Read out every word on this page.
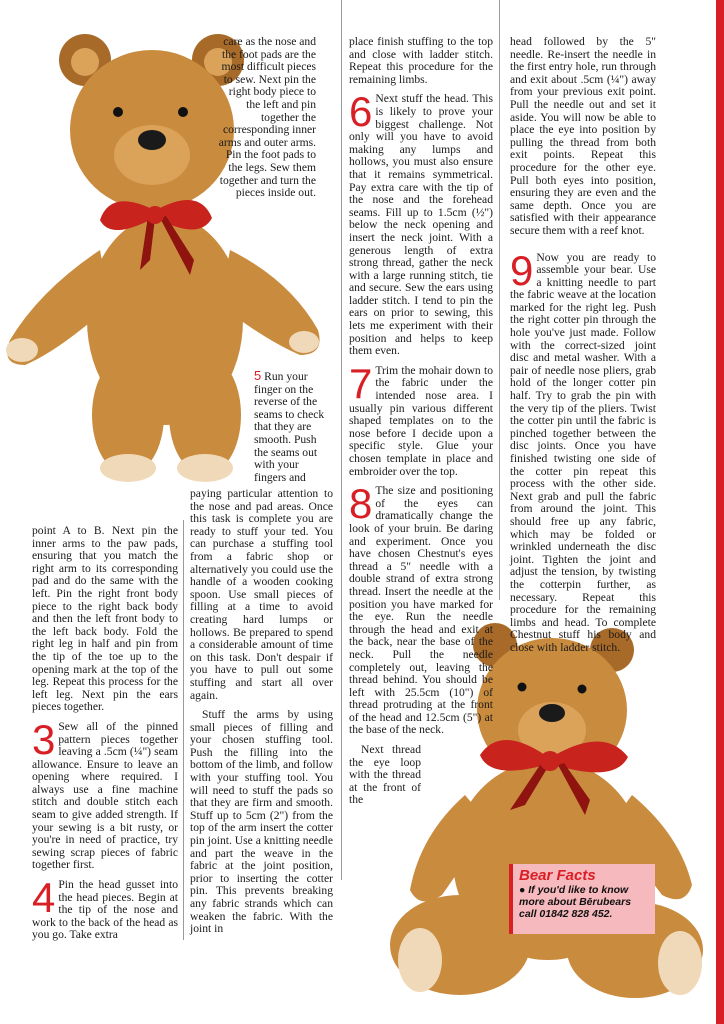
care as the nose and the foot pads are the most difficult pieces to sew. Next pin the right body piece to the left and pin together the corresponding inner arms and outer arms. Pin the foot pads to the legs. Sew them together and turn the pieces inside out.

point A to B. Next pin the inner arms to the paw pads, ensuring that you match the right arm to its corresponding pad and do the same with the left. Pin the right front body piece to the right back body and then the left front body to the left back body. Fold the right leg in half and pin from the tip of the toe up to the opening mark at the top of the leg. Repeat this process for the left leg. Next pin the ears pieces together.

3 Sew all of the pinned pattern pieces together leaving a .5cm (¼") seam allowance. Ensure to leave an opening where required. I always use a fine machine stitch and double stitch each seam to give added strength. If your sewing is a bit rusty, or you're in need of practice, try sewing scrap pieces of fabric together first.

4 Pin the head gusset into the head pieces. Begin at the tip of the nose and work to the back of the head as you go. Take extra

5 Run your finger on the reverse of the seams to check that they are smooth. Push the seams out with your fingers and

paying particular attention to the nose and pad areas. Once this task is complete you are ready to stuff your ted. You can purchase a stuffing tool from a fabric shop or alternatively you could use the handle of a wooden cooking spoon. Use small pieces of filling at a time to avoid creating hard lumps or hollows. Be prepared to spend a considerable amount of time on this task. Don't despair if you have to pull out some stuffing and start all over again.

Stuff the arms by using small pieces of filling and your chosen stuffing tool. Push the filling into the bottom of the limb, and follow with your stuffing tool. You will need to stuff the pads so that they are firm and smooth. Stuff up to 5cm (2") from the top of the arm insert the cotter pin joint. Use a knitting needle and part the weave in the fabric at the joint position, prior to inserting the cotter pin. This prevents breaking any fabric strands which can weaken the fabric. With the joint in

place finish stuffing to the top and close with ladder stitch. Repeat this procedure for the remaining limbs.

6 Next stuff the head. This is likely to prove your biggest challenge. Not only will you have to avoid making any lumps and hollows, you must also ensure that it remains symmetrical. Pay extra care with the tip of the nose and the forehead seams. Fill up to 1.5cm (½") below the neck opening and insert the neck joint. With a generous length of extra strong thread, gather the neck with a large running stitch, tie and secure. Sew the ears using ladder stitch. I tend to pin the ears on prior to sewing, this lets me experiment with their position and helps to keep them even.

7 Trim the mohair down to the fabric under the intended nose area. I usually pin various different shaped templates on to the nose before I decide upon a specific style. Glue your chosen template in place and embroider over the top.

8 The size and positioning of the eyes can dramatically change the look of your bruin. Be daring and experiment. Once you have chosen Chestnut's eyes thread a 5" needle with a double strand of extra strong thread. Insert the needle at the position you have marked for the eye. Run the needle through the head and exit at the back, near the base of the neck. Pull the needle completely out, leaving the thread behind. You should be left with 25.5cm (10") of thread protruding at the front of the head and 12.5cm (5") at the base of the neck.

Next thread the eye loop with the thread at the front of the

head followed by the 5" needle. Re-insert the needle in the first entry hole, run through and exit about .5cm (¼") away from your previous exit point. Pull the needle out and set it aside. You will now be able to place the eye into position by pulling the thread from both exit points. Repeat this procedure for the other eye. Pull both eyes into position, ensuring they are even and the same depth. Once you are satisfied with their appearance secure them with a reef knot.

9 Now you are ready to assemble your bear. Use a knitting needle to part the fabric weave at the location marked for the right leg. Push the right cotter pin through the hole you've just made. Follow with the correct-sized joint disc and metal washer. With a pair of needle nose pliers, grab hold of the longer cotter pin half. Try to grab the pin with the very tip of the pliers. Twist the cotter pin until the fabric is pinched together between the disc joints. Once you have finished twisting one side of the cotter pin repeat this process with the other side. Next grab and pull the fabric from around the joint. This should free up any fabric, which may be folded or wrinkled underneath the disc joint. Tighten the joint and adjust the tension, by twisting the cotterpin further, as necessary. Repeat this procedure for the remaining limbs and head. To complete Chestnut stuff his body and close with ladder stitch.

Bear Facts
● If you'd like to know more about Bērubears call 01842 828 452.
